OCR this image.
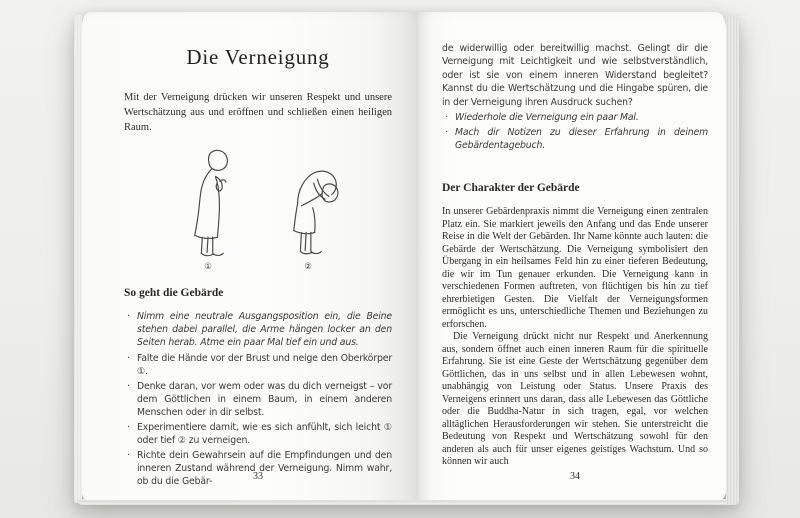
Die Verneigung

Mit der Verneigung drücken wir unseren Respekt und unsere Wertschätzung aus und eröffnen und schließen einen heiligen Raum.

①	②
So geht die Gebärde
· Nimm eine neutrale Ausgangsposition ein, die Beine stehen dabei parallel, die Arme hängen locker an den Seiten herab. Atme ein paar Mal tief ein und aus.
· Falte die Hände vor der Brust und neige den Oberkörper ①.
· Denke daran, vor wem oder was du dich verneigst – vor dem Göttlichen in einem Baum, in einem anderen Menschen oder in dir selbst.
· Experimentiere damit, wie es sich anfühlt, sich leicht ① oder tief ② zu verneigen.
· Richte dein Gewahrsein auf die Empfindungen und den inneren Zustand während der Verneigung. Nimm wahr, ob du die Gebär-	33

de widerwillig oder bereitwillig machst. Gelingt dir die Verneigung mit Leichtigkeit und wie selbstverständlich, oder ist sie von einem inneren Widerstand begleitet? Kannst du die Wertschätzung und die Hingabe spüren, die in der Verneigung ihren Ausdruck suchen?

· Wiederhole die Verneigung ein paar Mal.
· Mach dir Notizen zu dieser Erfahrung in deinem Gebärdentagebuch.
Der Charakter der Gebärde

In unserer Gebärdenpraxis nimmt die Verneigung einen zentralen Platz ein. Sie markiert jeweils den Anfang und das Ende unserer Reise in die Welt der Gebärden. Ihr Name könnte auch lauten: die Gebärde der Wertschätzung. Die Verneigung symbolisiert den Übergang in ein heilsames Feld hin zu einer tieferen Bedeutung, die wir im Tun genauer erkunden. Die Verneigung kann in verschiedenen Formen auftreten, von flüchtigen bis hin zu tief ehrerbietigen Gesten. Die Vielfalt der Verneigungsformen ermöglicht es uns, unterschiedliche Themen und Beziehungen zu erforschen.

Die Verneigung drückt nicht nur Respekt und Anerkennung aus, sondern öffnet auch einen inneren Raum für die spirituelle Erfahrung. Sie ist eine Geste der Wertschätzung gegenüber dem Göttlichen, das in uns selbst und in allen Lebewesen wohnt, unabhängig von Leistung oder Status. Unsere Praxis des Verneigens erinnert uns daran, dass alle Lebewesen das Göttliche oder die Buddha-Natur in sich tragen, egal, vor welchen alltäglichen Herausforderungen wir stehen. Sie unterstreicht die Bedeutung von Respekt und Wertschätzung sowohl für den anderen als auch für unser eigenes geistiges Wachstum. Und so können wir auch

34
